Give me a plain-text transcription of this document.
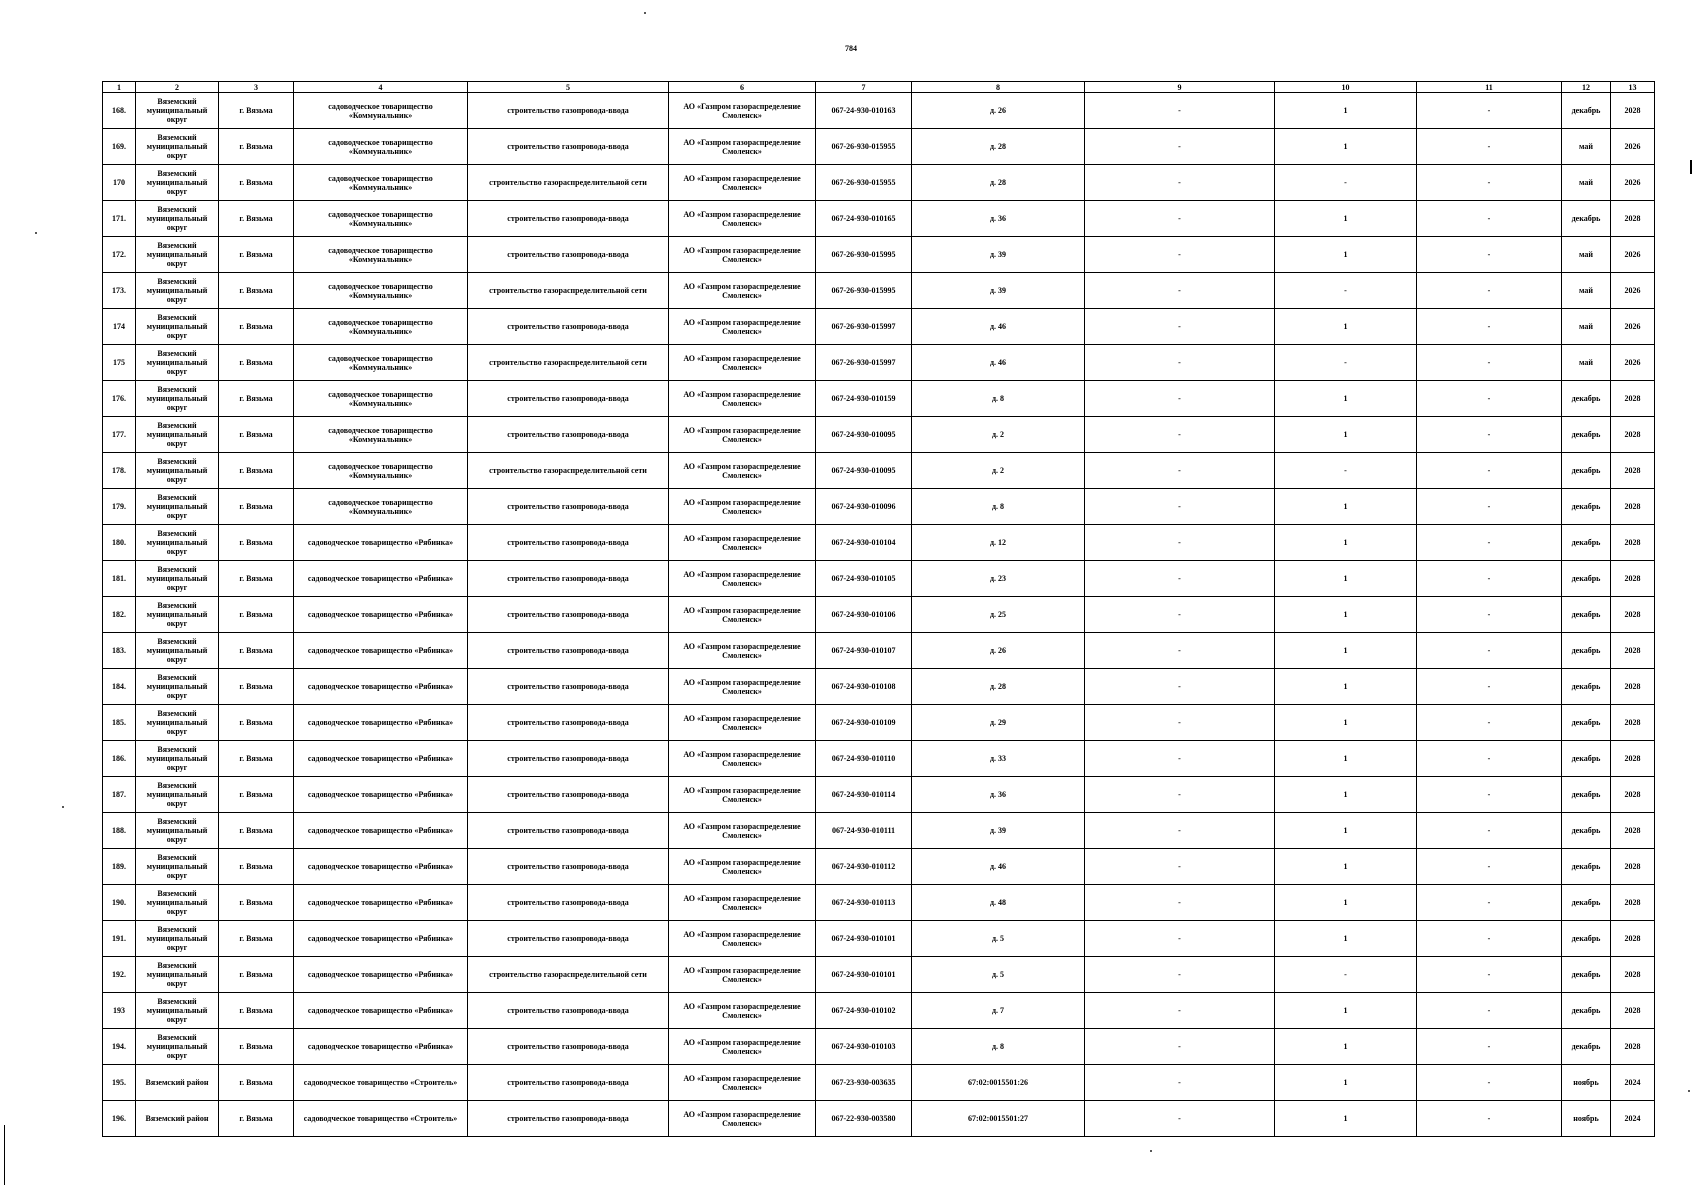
784
1	2	3	4	5	6	7	8	9	10	11	12	13
168.	Вяземский муниципальный округ	г. Вязьма	садоводческое товарищество «Коммунальник»	строительство газопровода-ввода	АО «Газпром газораспределение Смоленск»	067-24-930-010163	д. 26	-	1	-	декабрь	2028
169.	Вяземский муниципальный округ	г. Вязьма	садоводческое товарищество «Коммунальник»	строительство газопровода-ввода	АО «Газпром газораспределение Смоленск»	067-26-930-015955	д. 28	-	1	-	май	2026
170	Вяземский муниципальный округ	г. Вязьма	садоводческое товарищество «Коммунальник»	строительство газораспределительной сети	АО «Газпром газораспределение Смоленск»	067-26-930-015955	д. 28	-	-	-	май	2026
171.	Вяземский муниципальный округ	г. Вязьма	садоводческое товарищество «Коммунальник»	строительство газопровода-ввода	АО «Газпром газораспределение Смоленск»	067-24-930-010165	д. 36	-	1	-	декабрь	2028
172.	Вяземский муниципальный округ	г. Вязьма	садоводческое товарищество «Коммунальник»	строительство газопровода-ввода	АО «Газпром газораспределение Смоленск»	067-26-930-015995	д. 39	-	1	-	май	2026
173.	Вяземский муниципальный округ	г. Вязьма	садоводческое товарищество «Коммунальник»	строительство газораспределительной сети	АО «Газпром газораспределение Смоленск»	067-26-930-015995	д. 39	-	-	-	май	2026
174	Вяземский муниципальный округ	г. Вязьма	садоводческое товарищество «Коммунальник»	строительство газопровода-ввода	АО «Газпром газораспределение Смоленск»	067-26-930-015997	д. 46	-	1	-	май	2026
175	Вяземский муниципальный округ	г. Вязьма	садоводческое товарищество «Коммунальник»	строительство газораспределительной сети	АО «Газпром газораспределение Смоленск»	067-26-930-015997	д. 46	-	-	-	май	2026
176.	Вяземский муниципальный округ	г. Вязьма	садоводческое товарищество «Коммунальник»	строительство газопровода-ввода	АО «Газпром газораспределение Смоленск»	067-24-930-010159	д. 8	-	1	-	декабрь	2028
177.	Вяземский муниципальный округ	г. Вязьма	садоводческое товарищество «Коммунальник»	строительство газопровода-ввода	АО «Газпром газораспределение Смоленск»	067-24-930-010095	д. 2	-	1	-	декабрь	2028
178.	Вяземский муниципальный округ	г. Вязьма	садоводческое товарищество «Коммунальник»	строительство газораспределительной сети	АО «Газпром газораспределение Смоленск»	067-24-930-010095	д. 2	-	-	-	декабрь	2028
179.	Вяземский муниципальный округ	г. Вязьма	садоводческое товарищество «Коммунальник»	строительство газопровода-ввода	АО «Газпром газораспределение Смоленск»	067-24-930-010096	д. 8	-	1	-	декабрь	2028
180.	Вяземский муниципальный округ	г. Вязьма	садоводческое товарищество «Рябинка»	строительство газопровода-ввода	АО «Газпром газораспределение Смоленск»	067-24-930-010104	д. 12	-	1	-	декабрь	2028
181.	Вяземский муниципальный округ	г. Вязьма	садоводческое товарищество «Рябинка»	строительство газопровода-ввода	АО «Газпром газораспределение Смоленск»	067-24-930-010105	д. 23	-	1	-	декабрь	2028
182.	Вяземский муниципальный округ	г. Вязьма	садоводческое товарищество «Рябинка»	строительство газопровода-ввода	АО «Газпром газораспределение Смоленск»	067-24-930-010106	д. 25	-	1	-	декабрь	2028
183.	Вяземский муниципальный округ	г. Вязьма	садоводческое товарищество «Рябинка»	строительство газопровода-ввода	АО «Газпром газораспределение Смоленск»	067-24-930-010107	д. 26	-	1	-	декабрь	2028
184.	Вяземский муниципальный округ	г. Вязьма	садоводческое товарищество «Рябинка»	строительство газопровода-ввода	АО «Газпром газораспределение Смоленск»	067-24-930-010108	д. 28	-	1	-	декабрь	2028
185.	Вяземский муниципальный округ	г. Вязьма	садоводческое товарищество «Рябинка»	строительство газопровода-ввода	АО «Газпром газораспределение Смоленск»	067-24-930-010109	д. 29	-	1	-	декабрь	2028
186.	Вяземский муниципальный округ	г. Вязьма	садоводческое товарищество «Рябинка»	строительство газопровода-ввода	АО «Газпром газораспределение Смоленск»	067-24-930-010110	д. 33	-	1	-	декабрь	2028
187.	Вяземский муниципальный округ	г. Вязьма	садоводческое товарищество «Рябинка»	строительство газопровода-ввода	АО «Газпром газораспределение Смоленск»	067-24-930-010114	д. 36	-	1	-	декабрь	2028
188.	Вяземский муниципальный округ	г. Вязьма	садоводческое товарищество «Рябинка»	строительство газопровода-ввода	АО «Газпром газораспределение Смоленск»	067-24-930-010111	д. 39	-	1	-	декабрь	2028
189.	Вяземский муниципальный округ	г. Вязьма	садоводческое товарищество «Рябинка»	строительство газопровода-ввода	АО «Газпром газораспределение Смоленск»	067-24-930-010112	д. 46	-	1	-	декабрь	2028
190.	Вяземский муниципальный округ	г. Вязьма	садоводческое товарищество «Рябинка»	строительство газопровода-ввода	АО «Газпром газораспределение Смоленск»	067-24-930-010113	д. 48	-	1	-	декабрь	2028
191.	Вяземский муниципальный округ	г. Вязьма	садоводческое товарищество «Рябинка»	строительство газопровода-ввода	АО «Газпром газораспределение Смоленск»	067-24-930-010101	д. 5	-	1	-	декабрь	2028
192.	Вяземский муниципальный округ	г. Вязьма	садоводческое товарищество «Рябинка»	строительство газораспределительной сети	АО «Газпром газораспределение Смоленск»	067-24-930-010101	д. 5	-	-	-	декабрь	2028
193	Вяземский муниципальный округ	г. Вязьма	садоводческое товарищество «Рябинка»	строительство газопровода-ввода	АО «Газпром газораспределение Смоленск»	067-24-930-010102	д. 7	-	1	-	декабрь	2028
194.	Вяземский муниципальный округ	г. Вязьма	садоводческое товарищество «Рябинка»	строительство газопровода-ввода	АО «Газпром газораспределение Смоленск»	067-24-930-010103	д. 8	-	1	-	декабрь	2028
195.	Вяземский район	г. Вязьма	садоводческое товарищество «Строитель»	строительство газопровода-ввода	АО «Газпром газораспределение Смоленск»	067-23-930-003635	67:02:0015501:26	-	1	-	ноябрь	2024
196.	Вяземский район	г. Вязьма	садоводческое товарищество «Строитель»	строительство газопровода-ввода	АО «Газпром газораспределение Смоленск»	067-22-930-003580	67:02:0015501:27	-	1	-	ноябрь	2024
